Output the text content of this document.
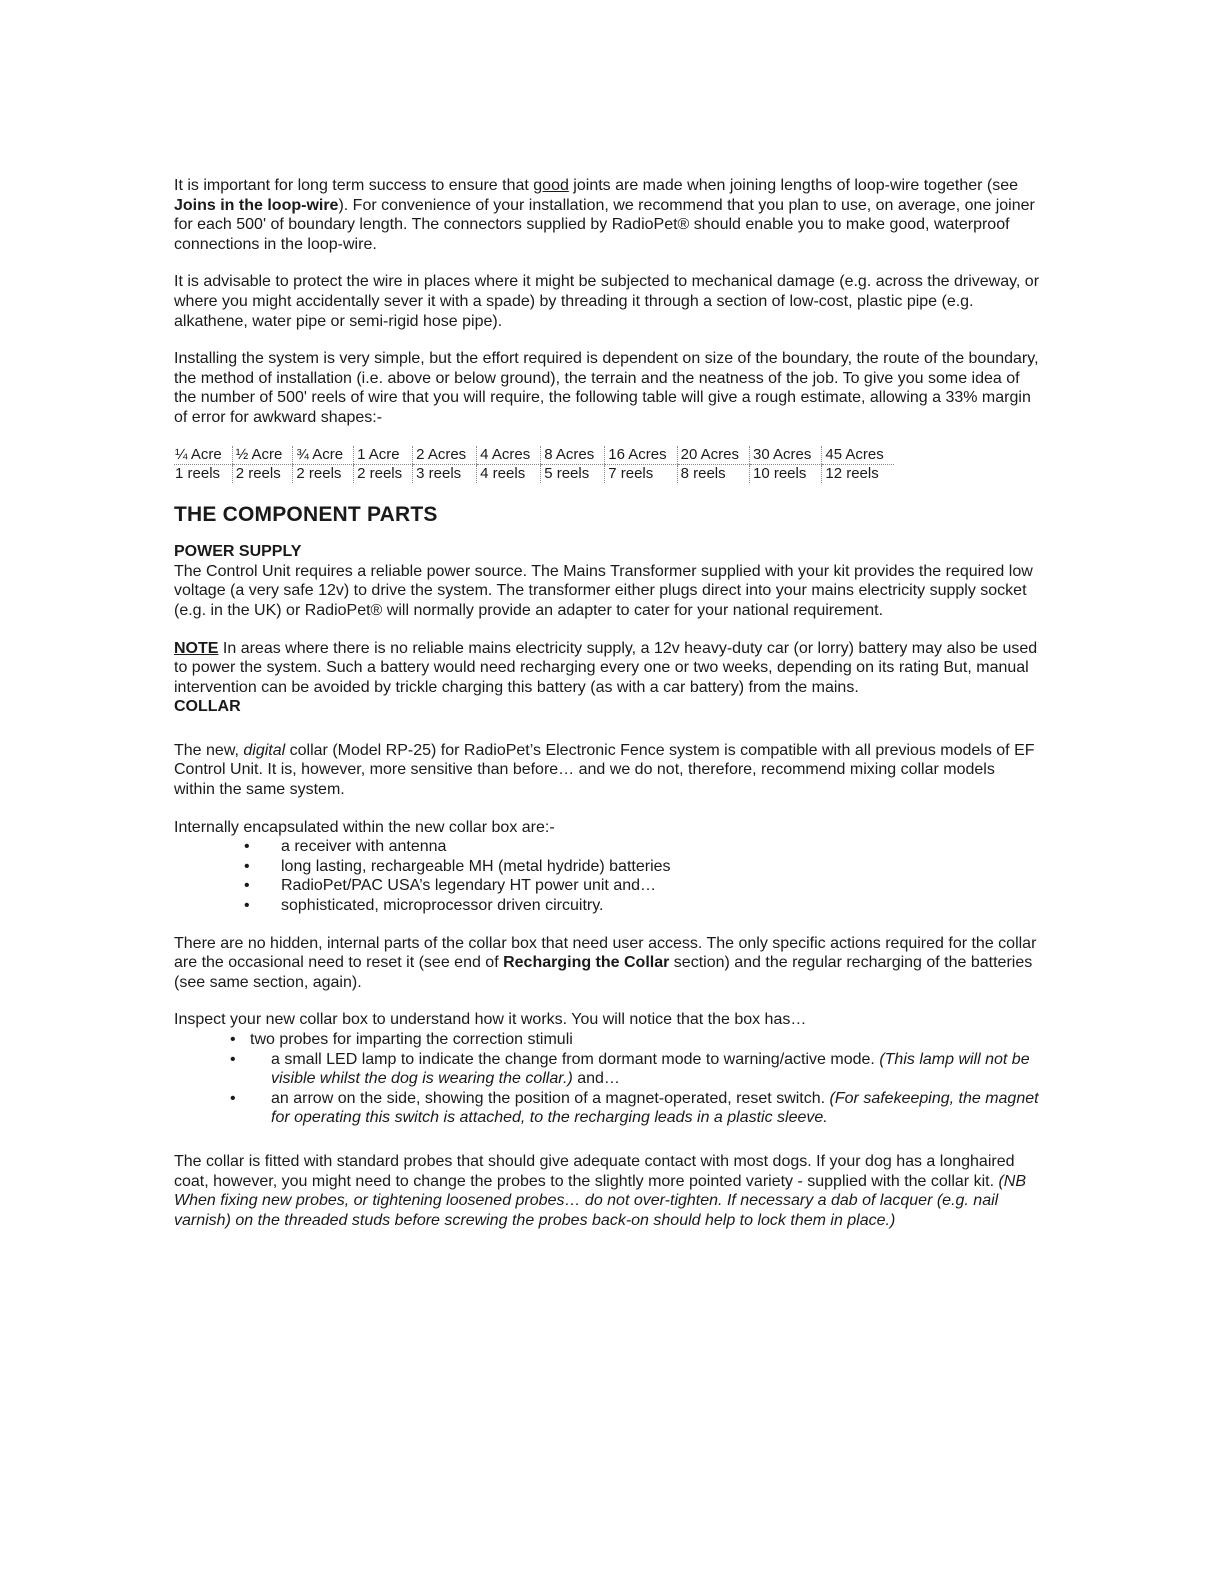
It is important for long term success to ensure that good joints are made when joining lengths of loop-wire together (see Joins in the loop-wire). For convenience of your installation, we recommend that you plan to use, on average, one joiner for each 500' of boundary length. The connectors supplied by RadioPet® should enable you to make good, waterproof connections in the loop-wire.

It is advisable to protect the wire in places where it might be subjected to mechanical damage (e.g. across the driveway, or where you might accidentally sever it with a spade) by threading it through a section of low-cost, plastic pipe (e.g. alkathene, water pipe or semi-rigid hose pipe).

Installing the system is very simple, but the effort required is dependent on size of the boundary, the route of the boundary, the method of installation (i.e. above or below ground), the terrain and the neatness of the job. To give you some idea of the number of 500' reels of wire that you will require, the following table will give a rough estimate, allowing a 33% margin of error for awkward shapes:-

¼ Acre	½ Acre	¾ Acre	1 Acre	2 Acres	4 Acres	8 Acres	16 Acres	20 Acres	30 Acres	45 Acres
1 reels	2 reels	2 reels	2 reels	3 reels	4 reels	5 reels	7 reels	8 reels	10 reels	12 reels
THE COMPONENT PARTS
POWER SUPPLY

The Control Unit requires a reliable power source. The Mains Transformer supplied with your kit provides the required low voltage (a very safe 12v) to drive the system. The transformer either plugs direct into your mains electricity supply socket (e.g. in the UK) or RadioPet® will normally provide an adapter to cater for your national requirement.

NOTE In areas where there is no reliable mains electricity supply, a 12v heavy-duty car (or lorry) battery may also be used to power the system. Such a battery would need recharging every one or two weeks, depending on its rating But, manual intervention can be avoided by trickle charging this battery (as with a car battery) from the mains.

COLLAR

The new, digital collar (Model RP-25) for RadioPet’s Electronic Fence system is compatible with all previous models of EF Control Unit. It is, however, more sensitive than before… and we do not, therefore, recommend mixing collar models within the same system.

Internally encapsulated within the new collar box are:-

• a receiver with antenna
• long lasting, rechargeable MH (metal hydride) batteries
• RadioPet/PAC USA’s legendary HT power unit and…
• sophisticated, microprocessor driven circuitry.

There are no hidden, internal parts of the collar box that need user access. The only specific actions required for the collar are the occasional need to reset it (see end of Recharging the Collar section) and the regular recharging of the batteries (see same section, again).

Inspect your new collar box to understand how it works. You will notice that the box has…

• two probes for imparting the correction stimuli
• a small LED lamp to indicate the change from dormant mode to warning/active mode. (This lamp will not be visible whilst the dog is wearing the collar.) and…
• an arrow on the side, showing the position of a magnet-operated, reset switch. (For safekeeping, the magnet for operating this switch is attached, to the recharging leads in a plastic sleeve.

The collar is fitted with standard probes that should give adequate contact with most dogs. If your dog has a longhaired coat, however, you might need to change the probes to the slightly more pointed variety - supplied with the collar kit. (NB When fixing new probes, or tightening loosened probes… do not over-tighten. If necessary a dab of lacquer (e.g. nail varnish) on the threaded studs before screwing the probes back-on should help to lock them in place.)
